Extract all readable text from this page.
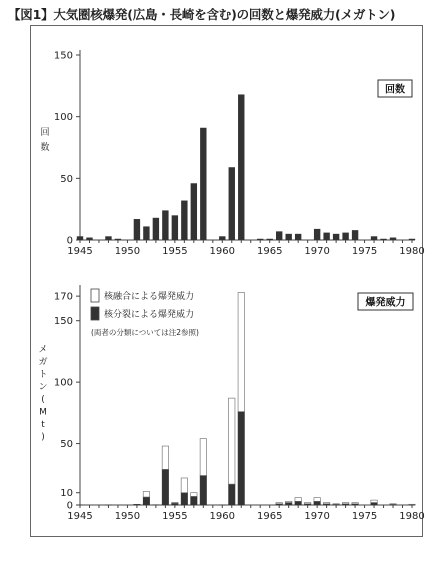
【図1】大気圏核爆発(広島・長崎を含む)の回数と爆発威力(メガトン)
0
50
100
150
1945 1950 1955 1960 1965 1970 1975 1980
回数
回
数
0
10
50
100
150
170
1945 1950 1955 1960 1965 1970 1975 1980
爆発威力
核融合による爆発威力
核分裂による爆発威力
(両者の分類については注2参照)
メ
ガ
ト
ン
(
M
t
)
